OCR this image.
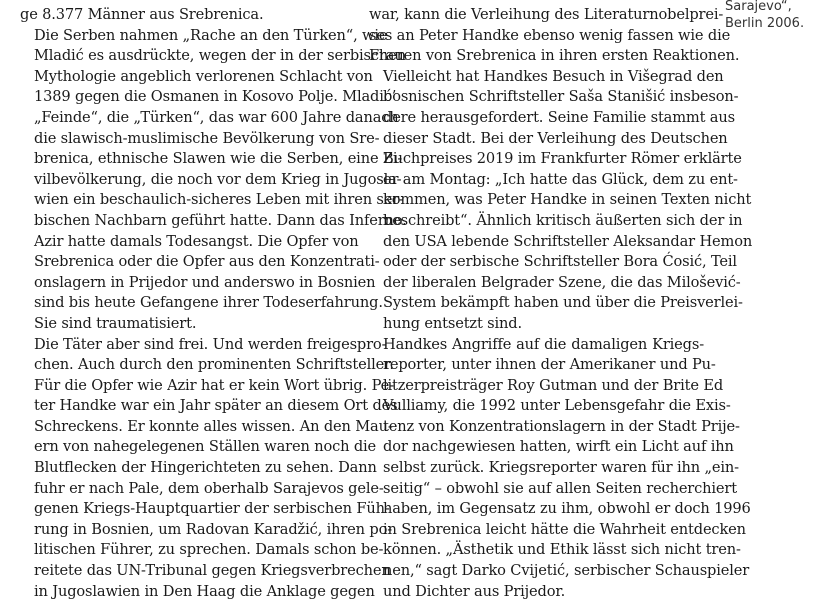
ge 8.377 Männer aus Srebrenica.

Die Serben nahmen „Rache an den Türken“, wie
Mladić es ausdrückte, wegen der in der serbischen
Mythologie angeblich verlorenen Schlacht von
1389 gegen die Osmanen in Kosovo Polje. Mladić’
„Feinde“, die „Türken“, das war 600 Jahre danach
die slawisch-muslimische Bevölkerung von Sre-
brenica, ethnische Slawen wie die Serben, eine Zi-
vilbevölkerung, die noch vor dem Krieg in Jugosla-
wien ein beschaulich-sicheres Leben mit ihren ser-
bischen Nachbarn geführt hatte. Dann das Inferno.

Azir hatte damals Todesangst. Die Opfer von
Srebrenica oder die Opfer aus den Konzentrati-
onslagern in Prijedor und anderswo in Bosnien
sind bis heute Gefangene ihrer Todeserfahrung.
Sie sind traumatisiert.

Die Täter aber sind frei. Und werden freigespro-
chen. Auch durch den prominenten Schriftsteller.
Für die Opfer wie Azir hat er kein Wort übrig. Pe-
ter Handke war ein Jahr später an diesem Ort des
Schreckens. Er konnte alles wissen. An den Mau-
ern von nahegelegenen Ställen waren noch die
Blutflecken der Hingerichteten zu sehen. Dann
fuhr er nach Pale, dem oberhalb Sarajevos gele-
genen Kriegs-Hauptquartier der serbischen Füh-
rung in Bosnien, um Radovan Karadžić, ihren po-
litischen Führer, zu sprechen. Damals schon be-
reitete das UN-Tribunal gegen Kriegsverbrechen
in Jugoslawien in Den Haag die Anklage gegen

war, kann die Verleihung des Literaturnobelprei-
ses an Peter Handke ebenso wenig fassen wie die
Frauen von Srebrenica in ihren ersten Reaktionen.

Vielleicht hat Handkes Besuch in Višegrad den
bosnischen Schriftsteller Saša Stanišić insbeson-
dere herausgefordert. Seine Familie stammt aus
dieser Stadt. Bei der Verleihung des Deutschen
Buchpreises 2019 im Frankfurter Römer erklärte
er am Montag: „Ich hatte das Glück, dem zu ent-
kommen, was Peter Handke in seinen Texten nicht
beschreibt“. Ähnlich kritisch äußerten sich der in
den USA lebende Schriftsteller Aleksandar Hemon
oder der serbische Schriftsteller Bora Ćosić, Teil
der liberalen Belgrader Szene, die das Milošević-
System bekämpft haben und über die Preisverlei-
hung entsetzt sind.

Handkes Angriffe auf die damaligen Kriegs-
reporter, unter ihnen der Amerikaner und Pu-
litzerpreisträger Roy Gutman und der Brite Ed
Vulliamy, die 1992 unter Lebensgefahr die Exis-
tenz von Konzentrationslagern in der Stadt Prije-
dor nachgewiesen hatten, wirft ein Licht auf ihn
selbst zurück. Kriegsreporter waren für ihn „ein-
seitig“ – obwohl sie auf allen Seiten recherchiert
haben, im Gegensatz zu ihm, obwohl er doch 1996
in Srebrenica leicht hätte die Wahrheit entdecken
können. „Ästhetik und Ethik lässt sich nicht tren-
nen,“ sagt Darko Cvijetić, serbischer Schauspieler
und Dichter aus Prijedor.

Sarajevo“,
Berlin 2006.
